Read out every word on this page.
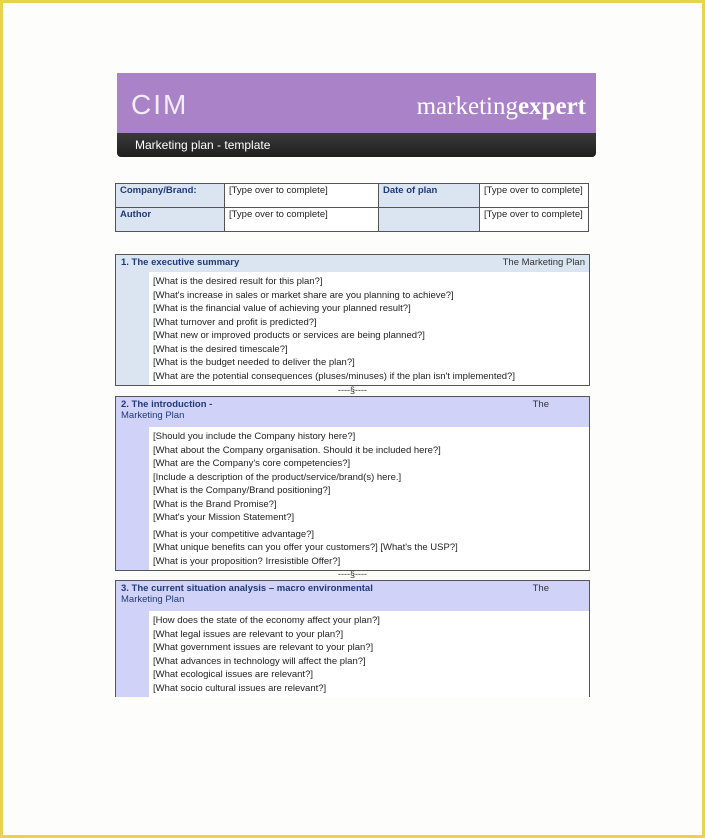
CIM	marketingexpert
Marketing plan - template
Company/Brand:	[Type over to complete]	Date of plan	[Type over to complete]
Author	[Type over to complete]		[Type over to complete]
1. The executive summary	The Marketing Plan
[What is the desired result for this plan?]
[What's increase in sales or market share are you planning to achieve?]
[What is the financial value of achieving your planned result?]
[What turnover and profit is predicted?]
[What new or improved products or services are being planned?]
[What is the desired timescale?]
[What is the budget needed to deliver the plan?]
[What are the potential consequences (pluses/minuses) if the plan isn't implemented?]
----§----
2. The introduction -	The
Marketing Plan
[Should you include the Company history here?]
[What about the Company organisation. Should it be included here?]
[What are the Company's core competencies?]
[Include a description of the product/service/brand(s) here.]
[What is the Company/Brand positioning?]
[What is the Brand Promise?]
[What's your Mission Statement?]
[What is your competitive advantage?]
[What unique benefits can you offer your customers?] [What's the USP?]
[What is your proposition? Irresistible Offer?]
----§----
3. The current situation analysis – macro environmental	The
Marketing Plan
[How does the state of the economy affect your plan?]
[What legal issues are relevant to your plan?]
[What government issues are relevant to your plan?]
[What advances in technology will affect the plan?]
[What ecological issues are relevant?]
[What socio cultural issues are relevant?]
